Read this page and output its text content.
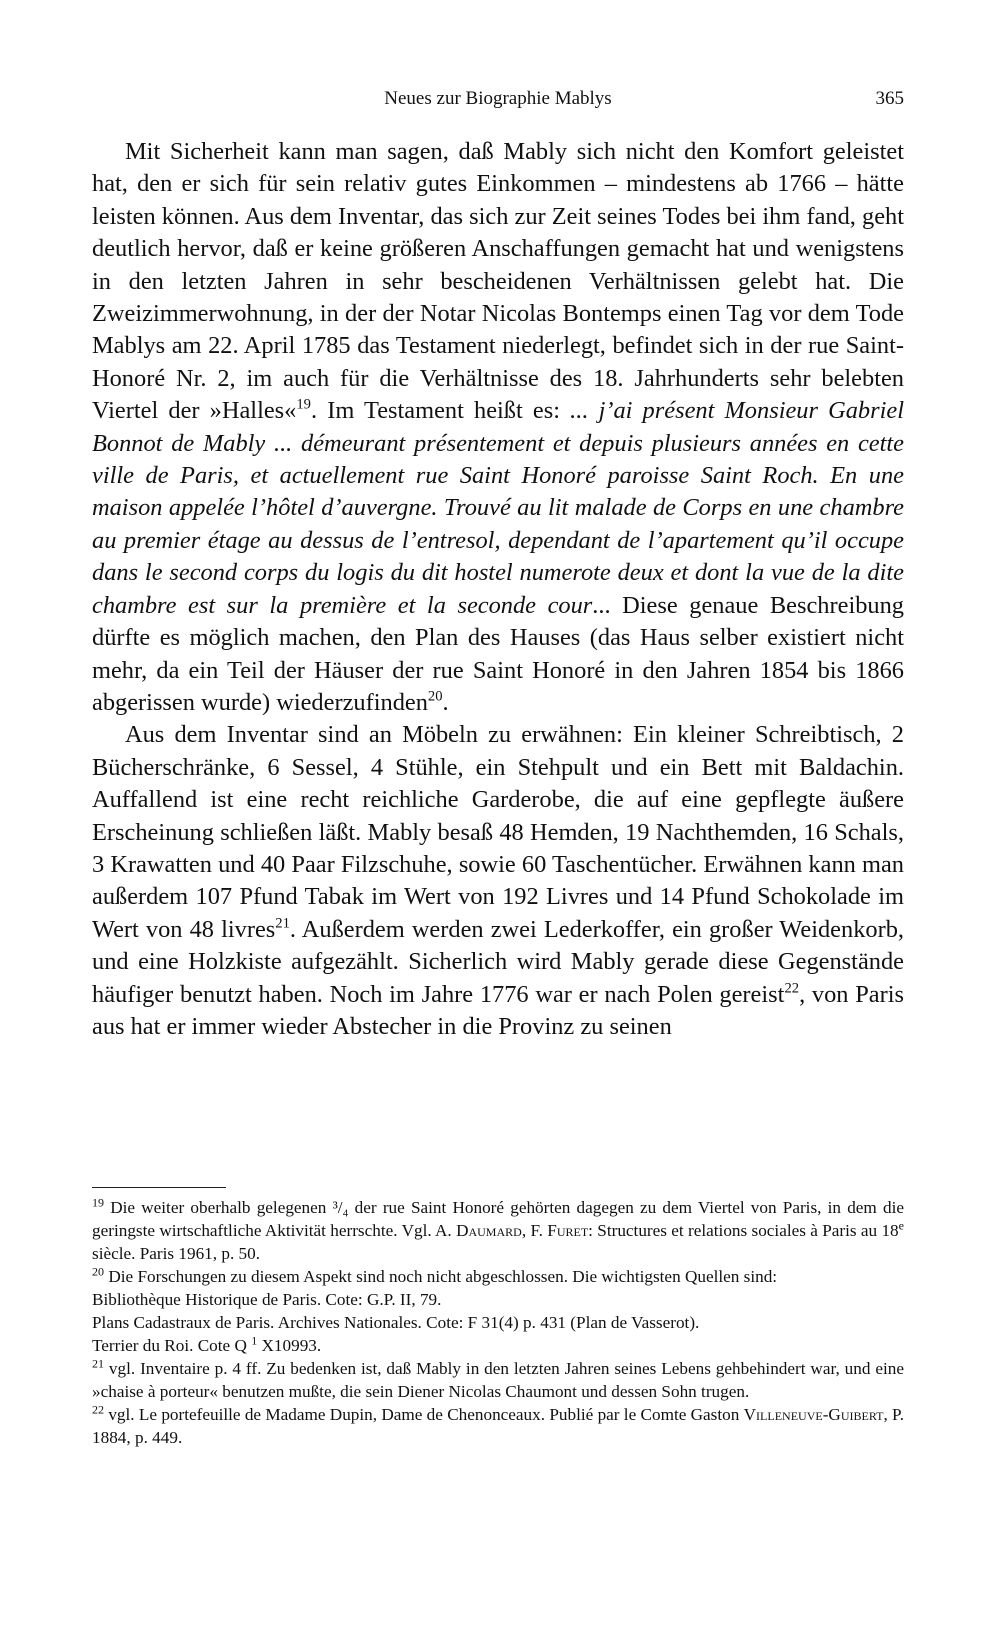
Neues zur Biographie Mablys	365

Mit Sicherheit kann man sagen, daß Mably sich nicht den Komfort geleistet hat, den er sich für sein relativ gutes Einkommen – mindestens ab 1766 – hätte leisten können. Aus dem Inventar, das sich zur Zeit seines Todes bei ihm fand, geht deutlich hervor, daß er keine größeren Anschaffungen gemacht hat und wenigstens in den letzten Jahren in sehr bescheidenen Verhältnissen gelebt hat. Die Zweizimmerwohnung, in der der Notar Nicolas Bontemps einen Tag vor dem Tode Mablys am 22. April 1785 das Testament niederlegt, befindet sich in der rue Saint-Honoré Nr. 2, im auch für die Verhältnisse des 18. Jahrhunderts sehr belebten Viertel der »Halles«$^{19}$. Im Testament heißt es: ... j’ai présent Monsieur Gabriel Bonnot de Mably ... démeurant présentement et depuis plusieurs années en cette ville de Paris, et actuellement rue Saint Honoré paroisse Saint Roch. En une maison appelée l’hôtel d’auvergne. Trouvé au lit malade de Corps en une chambre au premier étage au dessus de l’entresol, dependant de l’apartement qu’il occupe dans le second corps du logis du dit hostel numerote deux et dont la vue de la dite chambre est sur la première et la seconde cour... Diese genaue Beschreibung dürfte es möglich machen, den Plan des Hauses (das Haus selber existiert nicht mehr, da ein Teil der Häuser der rue Saint Honoré in den Jahren 1854 bis 1866 abgerissen wurde) wiederzufinden$^{20}$.

Aus dem Inventar sind an Möbeln zu erwähnen: Ein kleiner Schreibtisch, 2 Bücherschränke, 6 Sessel, 4 Stühle, ein Stehpult und ein Bett mit Baldachin. Auffallend ist eine recht reichliche Garderobe, die auf eine gepflegte äußere Erscheinung schließen läßt. Mably besaß 48 Hemden, 19 Nachthemden, 16 Schals, 3 Krawatten und 40 Paar Filzschuhe, sowie 60 Taschentücher. Erwähnen kann man außerdem 107 Pfund Tabak im Wert von 192 Livres und 14 Pfund Schokolade im Wert von 48 livres$^{21}$. Außerdem werden zwei Lederkoffer, ein großer Weidenkorb, und eine Holzkiste aufgezählt. Sicherlich wird Mably gerade diese Gegenstände häufiger benutzt haben. Noch im Jahre 1776 war er nach Polen gereist$^{22}$, von Paris aus hat er immer wieder Abstecher in die Provinz zu seinen

$^{19}$ Die weiter oberhalb gelegenen ³/₄ der rue Saint Honoré gehörten dagegen zu dem Viertel von Paris, in dem die geringste wirtschaftliche Aktivität herrschte. Vgl. A. Daumard, F. Furet: Structures et relations sociales à Paris au 18e siècle. Paris 1961, p. 50.

$^{20}$ Die Forschungen zu diesem Aspekt sind noch nicht abgeschlossen. Die wichtigsten Quellen sind:

Bibliothèque Historique de Paris. Cote: G.P. II, 79.

Plans Cadastraux de Paris. Archives Nationales. Cote: F 31(4) p. 431 (Plan de Vasserot).

Terrier du Roi. Cote Q $^1$ X10993.

$^{21}$ vgl. Inventaire p. 4 ff. Zu bedenken ist, daß Mably in den letzten Jahren seines Lebens gehbehindert war, und eine »chaise à porteur« benutzen mußte, die sein Diener Nicolas Chaumont und dessen Sohn trugen.

$^{22}$ vgl. Le portefeuille de Madame Dupin, Dame de Chenonceaux. Publié par le Comte Gaston Villeneuve-Guibert, P. 1884, p. 449.
